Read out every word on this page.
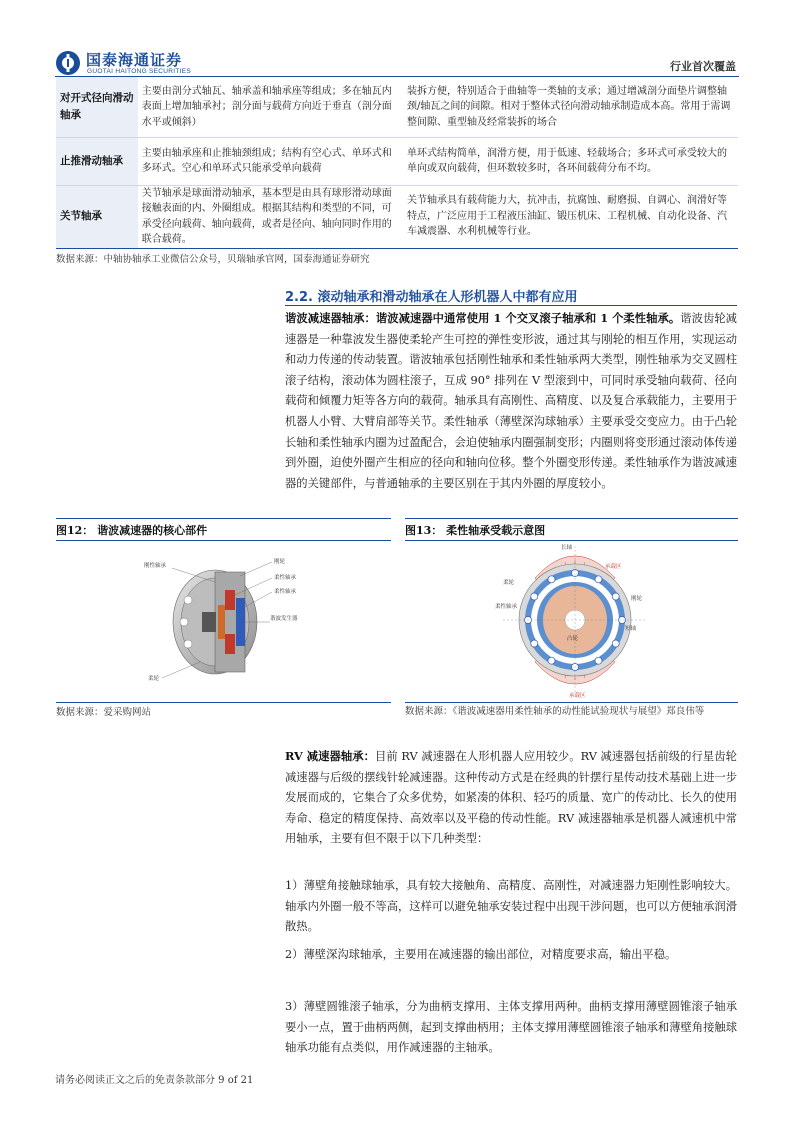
国泰海通证券
GUOTAI HAITONG SECURITIES	行业首次覆盖
对开式径向滑动轴承	主要由剖分式轴瓦、轴承盖和轴承座等组成；多在轴瓦内表面上增加轴承衬；剖分面与载荷方向近于垂直（剖分面水平或倾斜）	装拆方便，特别适合于曲轴等一类轴的支承；通过增减剖分面垫片调整轴颈/轴瓦之间的间隙。相对于整体式径向滑动轴承制造成本高。常用于需调整间隙、重型轴及经常装拆的场合
止推滑动轴承	主要由轴承座和止推轴颈组成；结构有空心式、单环式和多环式。空心和单环式只能承受单向载荷	单环式结构简单，润滑方便，用于低速、轻载场合；多环式可承受较大的单向或双向载荷，但环数较多时，各环间载荷分布不均。
关节轴承	关节轴承是球面滑动轴承，基本型是由具有球形滑动球面接触表面的内、外圈组成。根据其结构和类型的不同，可承受径向载荷、轴向载荷，或者是径向、轴向同时作用的联合载荷。	关节轴承具有载荷能力大，抗冲击，抗腐蚀、耐磨损、自调心、润滑好等特点，广泛应用于工程液压油缸、锻压机床、工程机械、自动化设备、汽车减震器、水利机械等行业。
数据来源：中轴协轴承工业微信公众号，贝瑞轴承官网，国泰海通证券研究
2.2. 滚动轴承和滑动轴承在人形机器人中都有应用
谐波减速器轴承：谐波减速器中通常使用 1 个交叉滚子轴承和 1 个柔性轴承。谐波齿轮减速器是一种靠波发生器使柔轮产生可控的弹性变形波，通过其与刚轮的相互作用，实现运动和动力传递的传动装置。谐波轴承包括刚性轴承和柔性轴承两大类型，刚性轴承为交叉圆柱滚子结构，滚动体为圆柱滚子，互成 90° 排列在 V 型滚到中，可同时承受轴向载荷、径向载荷和倾覆力矩等各方向的载荷。轴承具有高刚性、高精度、以及复合承载能力，主要用于机器人小臂、大臂肩部等关节。柔性轴承（薄壁深沟球轴承）主要承受交变应力。由于凸轮长轴和柔性轴承内圈为过盈配合，会迫使轴承内圈强制变形；内圈则将变形通过滚动体传递到外圈，迫使外圈产生相应的径向和轴向位移。整个外圈变形传递。柔性轴承作为谐波减速器的关键部件，与普通轴承的主要区别在于其内外圈的厚度较小。
图12： 谐波减速器的核心部件
刚性轴承
刚轮
柔性轴承
柔性轴承
谐波发生器
柔轮
数据来源：爱采购网站
图13： 柔性轴承受载示意图
长轴
承载区
承载区
柔轮
柔性轴承
刚轮
短轴
凸轮
数据来源：《谐波减速器用柔性轴承的动性能试验现状与展望》郑良伟等
RV 减速器轴承：目前 RV 减速器在人形机器人应用较少。RV 减速器包括前级的行星齿轮减速器与后级的摆线针轮减速器。这种传动方式是在经典的针摆行星传动技术基础上进一步发展而成的，它集合了众多优势，如紧凑的体积、轻巧的质量、宽广的传动比、长久的使用寿命、稳定的精度保持、高效率以及平稳的传动性能。RV 减速器轴承是机器人减速机中常用轴承，主要有但不限于以下几种类型：
1）薄壁角接触球轴承，具有较大接触角、高精度、高刚性，对减速器力矩刚性影响较大。轴承内外圈一般不等高，这样可以避免轴承安装过程中出现干涉问题，也可以方便轴承润滑散热。
2）薄壁深沟球轴承，主要用在减速器的输出部位，对精度要求高，输出平稳。
3）薄壁圆锥滚子轴承，分为曲柄支撑用、主体支撑用两种。曲柄支撑用薄壁圆锥滚子轴承要小一点，置于曲柄两侧，起到支撑曲柄用；主体支撑用薄壁圆锥滚子轴承和薄壁角接触球轴承功能有点类似，用作减速器的主轴承。
请务必阅读正文之后的免责条款部分 9 of 21
